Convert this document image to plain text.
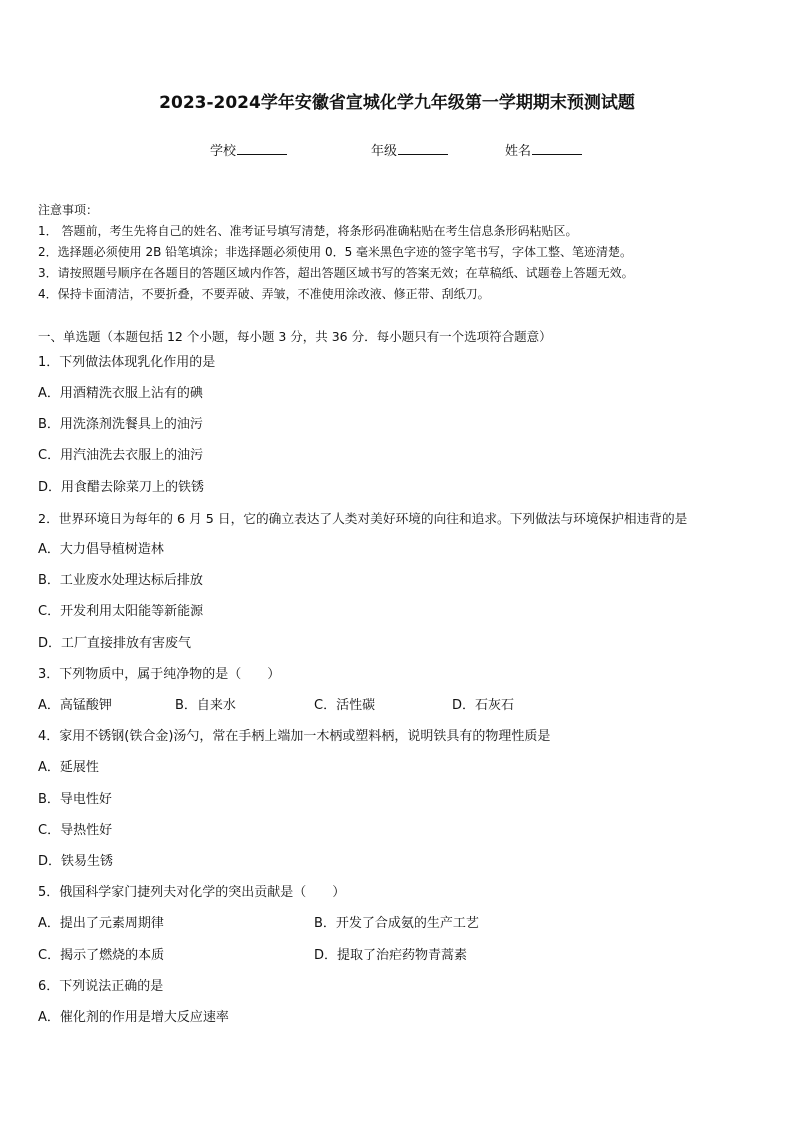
2023-2024学年安徽省宣城化学九年级第一学期期末预测试题
学校	年级	姓名
注意事项：
1． 答题前，考生先将自己的姓名、准考证号填写清楚，将条形码准确粘贴在考生信息条形码粘贴区。
2．选择题必须使用 2B 铅笔填涂；非选择题必须使用 0．5 毫米黑色字迹的签字笔书写，字体工整、笔迹清楚。
3．请按照题号顺序在各题目的答题区域内作答，超出答题区域书写的答案无效；在草稿纸、试题卷上答题无效。
4．保持卡面清洁，不要折叠，不要弄破、弄皱，不准使用涂改液、修正带、刮纸刀。
一、单选题（本题包括 12 个小题，每小题 3 分，共 36 分．每小题只有一个选项符合题意）
1．下列做法体现乳化作用的是
A．用酒精洗衣服上沾有的碘
B．用洗涤剂洗餐具上的油污
C．用汽油洗去衣服上的油污
D．用食醋去除菜刀上的铁锈
2．世界环境日为每年的 6 月 5 日，它的确立表达了人类对美好环境的向往和追求。下列做法与环境保护相违背的是
A．大力倡导植树造林
B．工业废水处理达标后排放
C．开发利用太阳能等新能源
D．工厂直接排放有害废气
3．下列物质中，属于纯净物的是（　　）
A．高锰酸钾	B．自来水	C．活性碳	D．石灰石
4．家用不锈钢(铁合金)汤勺，常在手柄上端加一木柄或塑料柄，说明铁具有的物理性质是
A．延展性
B．导电性好
C．导热性好
D．铁易生锈
5．俄国科学家门捷列夫对化学的突出贡献是（　　）
A．提出了元素周期律	B．开发了合成氨的生产工艺
C．揭示了燃烧的本质	D．提取了治疟药物青蒿素
6．下列说法正确的是
A．催化剂的作用是增大反应速率
